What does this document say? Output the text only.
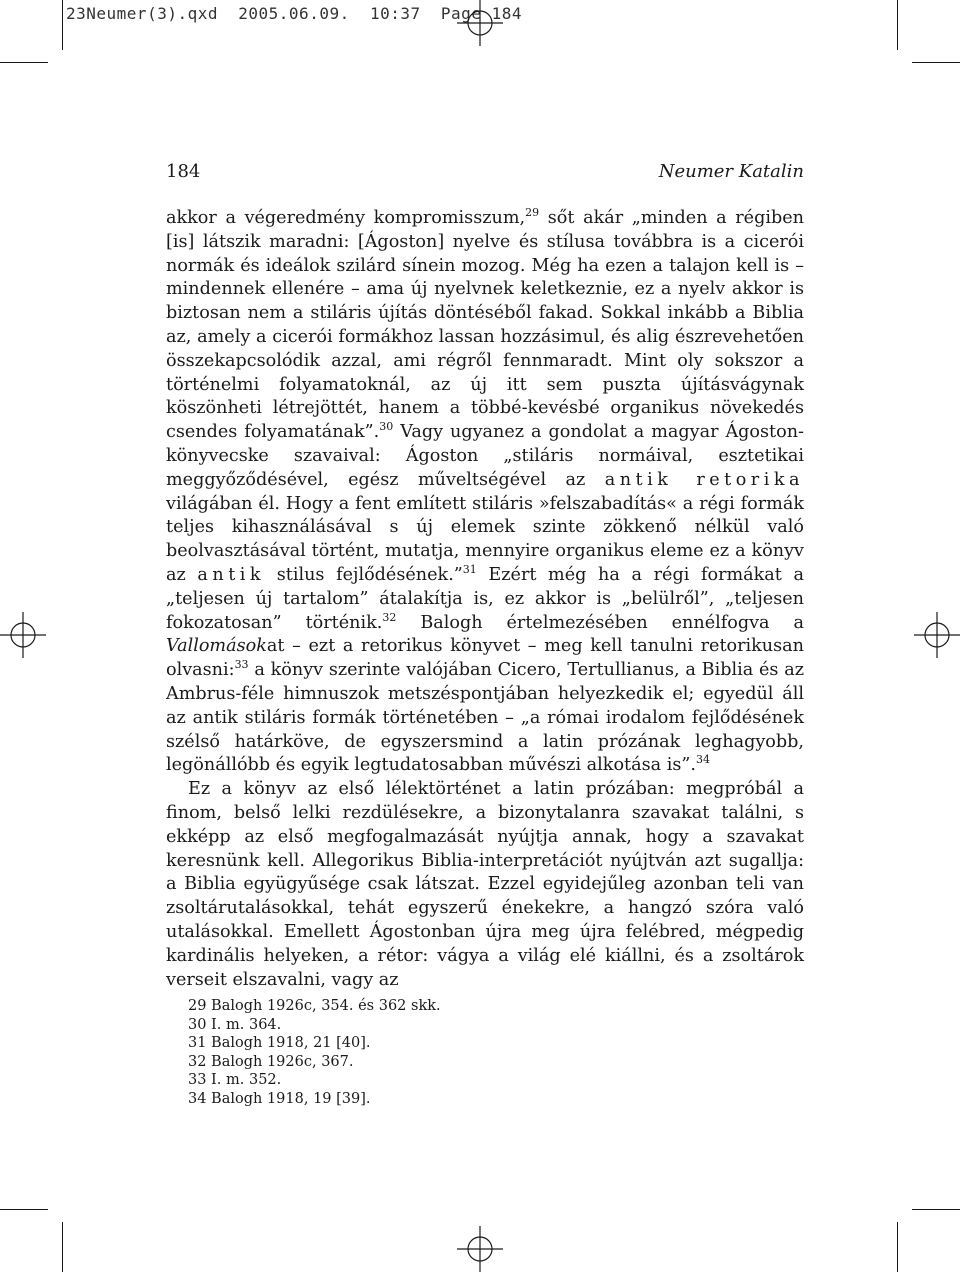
23Neumer(3).qxd  2005.06.09.  10:37  Page 184
184	Neumer Katalin

akkor a végeredmény kompromisszum,$^{29}$ sőt akár „minden a régiben [is] látszik maradni: [Ágoston] nyelve és stílusa továbbra is a cicerói normák és ideálok szilárd sínein mozog. Még ha ezen a talajon kell is – mindennek ellenére – ama új nyelvnek keletkeznie, ez a nyelv akkor is biztosan nem a stiláris újítás döntéséből fakad. Sokkal inkább a Biblia az, amely a cicerói formákhoz lassan hozzásimul, és alig észrevehetően összekapcsolódik azzal, ami régről fennmaradt. Mint oly sokszor a történelmi folyamatoknál, az új itt sem puszta újításvágynak köszönheti létrejöttét, hanem a többé-kevésbé organikus növekedés csendes folyamatának”.$^{30}$ Vagy ugyanez a gondolat a magyar Ágoston-könyvecske szavaival: Ágoston „stiláris normáival, esztetikai meggyőződésével, egész műveltségével az antik retorika világában él. Hogy a fent említett stiláris »felszabadítás« a régi formák teljes kihasználásával s új elemek szinte zökkenő nélkül való beolvasztásával történt, mutatja, mennyire organikus eleme ez a könyv az antik stilus fejlődésének.”$^{31}$ Ezért még ha a régi formákat a „teljesen új tartalom” átalakítja is, ez akkor is „belülről”, „teljesen fokozatosan” történik.$^{32}$ Balogh értelmezésében ennélfogva a Vallomásokat – ezt a retorikus könyvet – meg kell tanulni retorikusan olvasni:$^{33}$ a könyv szerinte valójában Cicero, Tertullianus, a Biblia és az Ambrus-féle himnuszok metszéspontjában helyezkedik el; egyedül áll az antik stiláris formák történetében – „a római irodalom fejlődésének szélső határköve, de egyszersmind a latin prózának leghagyobb, legönállóbb és egyik legtudatosabban művészi alkotása is”.$^{34}$

Ez a könyv az első lélektörténet a latin prózában: megpróbál a finom, belső lelki rezdülésekre, a bizonytalanra szavakat találni, s ekképp az első megfogalmazását nyújtja annak, hogy a szavakat keresnünk kell. Allegorikus Biblia-interpretációt nyújtván azt sugallja: a Biblia együgyűsége csak látszat. Ezzel egyidejűleg azonban teli van zsoltárutalásokkal, tehát egyszerű énekekre, a hangzó szóra való utalásokkal. Emellett Ágostonban újra meg újra felébred, mégpedig kardinális helyeken, a rétor: vágya a világ elé kiállni, és a zsoltárok verseit elszavalni, vagy az

29 Balogh 1926c, 354. és 362 skk.
30 I. m. 364.
31 Balogh 1918, 21 [40].
32 Balogh 1926c, 367.
33 I. m. 352.
34 Balogh 1918, 19 [39].
